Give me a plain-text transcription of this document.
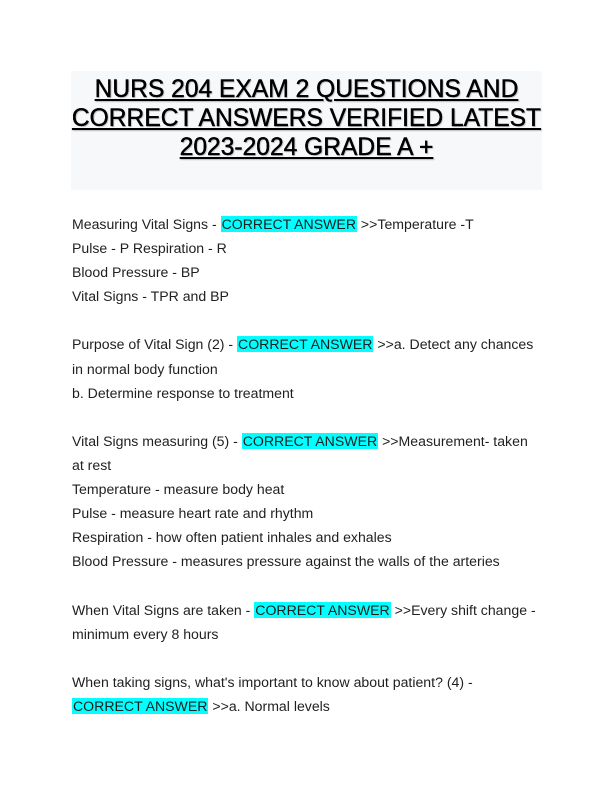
NURS 204 EXAM 2 QUESTIONS AND
CORRECT ANSWERS VERIFIED LATEST
2023-2024 GRADE A +
Measuring Vital Signs - CORRECT ANSWER >>Temperature -T
Pulse - P Respiration - R
Blood Pressure - BP
Vital Signs - TPR and BP
Purpose of Vital Sign (2) - CORRECT ANSWER >>a. Detect any chances
in normal body function
b. Determine response to treatment
Vital Signs measuring (5) - CORRECT ANSWER >>Measurement- taken
at rest
Temperature - measure body heat
Pulse - measure heart rate and rhythm
Respiration - how often patient inhales and exhales
Blood Pressure - measures pressure against the walls of the arteries
When Vital Signs are taken - CORRECT ANSWER >>Every shift change -
minimum every 8 hours
When taking signs, what's important to know about patient? (4) -
CORRECT ANSWER >>a. Normal levels
